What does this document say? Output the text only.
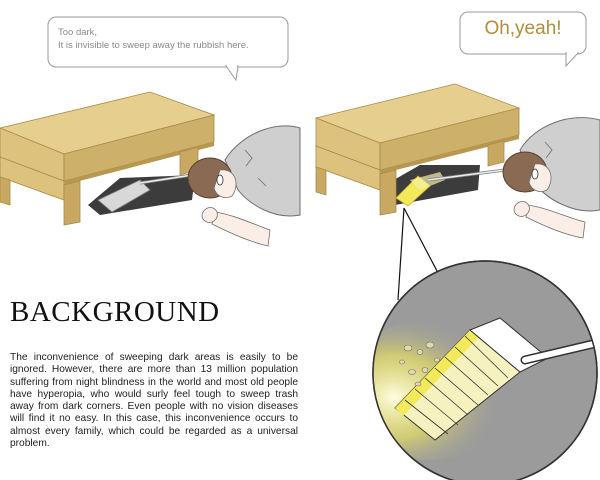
Too dark,
It is invisible to sweep away the rubbish here.
Oh,yeah!
BACKGROUND

The inconvenience of sweeping dark areas is easily to be ignored. However, there are more than 13 million population suffering from night blindness in the world and most old people have hyperopia, who would surly feel tough to sweep trash away from dark corners. Even people with no vision diseases will find it no easy. In this case, this inconvenience occurs to almost every family, which could be regarded as a universal problem.
